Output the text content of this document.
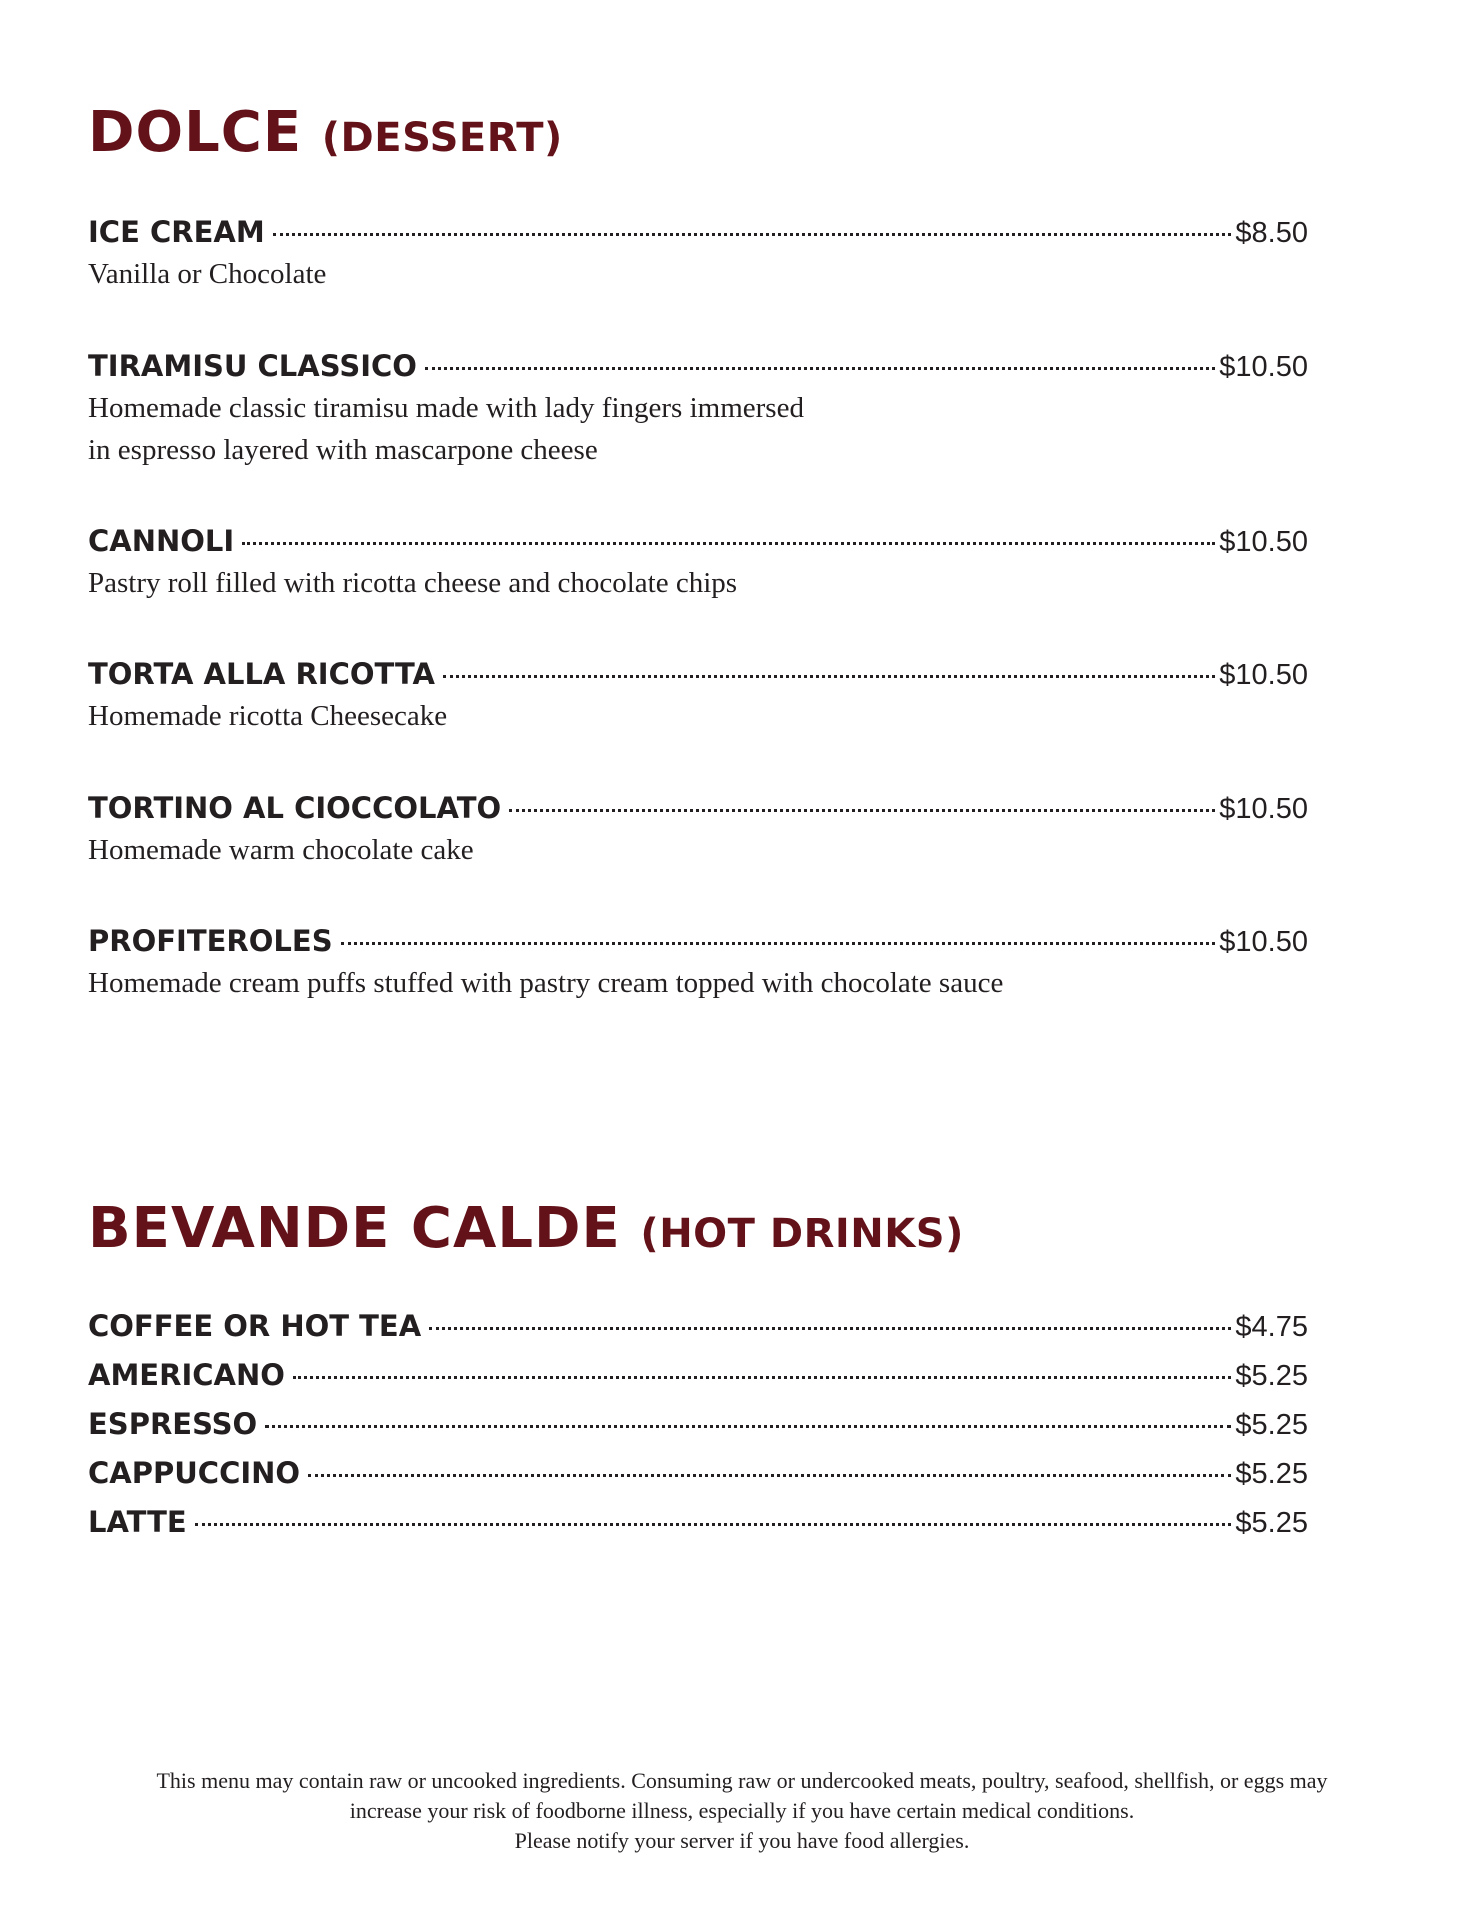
DOLCE (DESSERT)
ICE CREAM	$8.50
Vanilla or Chocolate
TIRAMISU CLASSICO	$10.50
Homemade classic tiramisu made with lady fingers immersed
in espresso layered with mascarpone cheese
CANNOLI	$10.50
Pastry roll filled with ricotta cheese and chocolate chips
TORTA ALLA RICOTTA	$10.50
Homemade ricotta Cheesecake
TORTINO AL CIOCCOLATO	$10.50
Homemade warm chocolate cake
PROFITEROLES	$10.50
Homemade cream puffs stuffed with pastry cream topped with chocolate sauce
BEVANDE CALDE (HOT DRINKS)
COFFEE OR HOT TEA	$4.75
AMERICANO	$5.25
ESPRESSO	$5.25
CAPPUCCINO	$5.25
LATTE	$5.25
This menu may contain raw or uncooked ingredients. Consuming raw or undercooked meats, poultry, seafood, shellfish, or eggs may
increase your risk of foodborne illness, especially if you have certain medical conditions.
Please notify your server if you have food allergies.
